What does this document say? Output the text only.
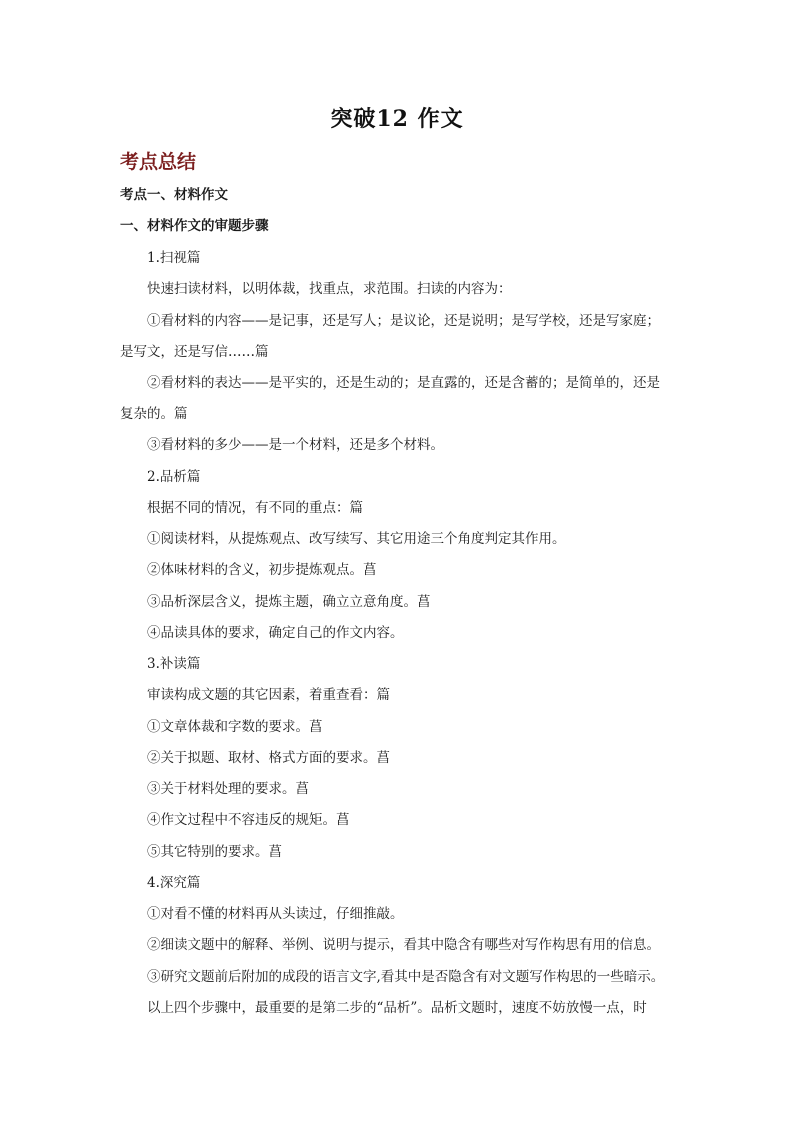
突破12 作文
考点总结
考点一、材料作文
一、材料作文的审题步骤
1.扫视篇
快速扫读材料，以明体裁，找重点，求范围。扫读的内容为：
①看材料的内容——是记事，还是写人；是议论，还是说明；是写学校，还是写家庭；
是写文，还是写信……篇
②看材料的表达——是平实的，还是生动的；是直露的，还是含蓄的；是简单的，还是
复杂的。篇
③看材料的多少——是一个材料，还是多个材料。
2.品析篇
根据不同的情况，有不同的重点：篇
①阅读材料，从提炼观点、改写续写、其它用途三个角度判定其作用。
②体味材料的含义，初步提炼观点。菖
③品析深层含义，提炼主题，确立立意角度。菖
④品读具体的要求，确定自己的作文内容。
3.补读篇
审读构成文题的其它因素，着重查看：篇
①文章体裁和字数的要求。菖
②关于拟题、取材、格式方面的要求。菖
③关于材料处理的要求。菖
④作文过程中不容违反的规矩。菖
⑤其它特别的要求。菖
4.深究篇
①对看不懂的材料再从头读过，仔细推敲。
②细读文题中的解释、举例、说明与提示，看其中隐含有哪些对写作构思有用的信息。
③研究文题前后附加的成段的语言文字,看其中是否隐含有对文题写作构思的一些暗示。
以上四个步骤中，最重要的是第二步的“品析”。品析文题时，速度不妨放慢一点，时
